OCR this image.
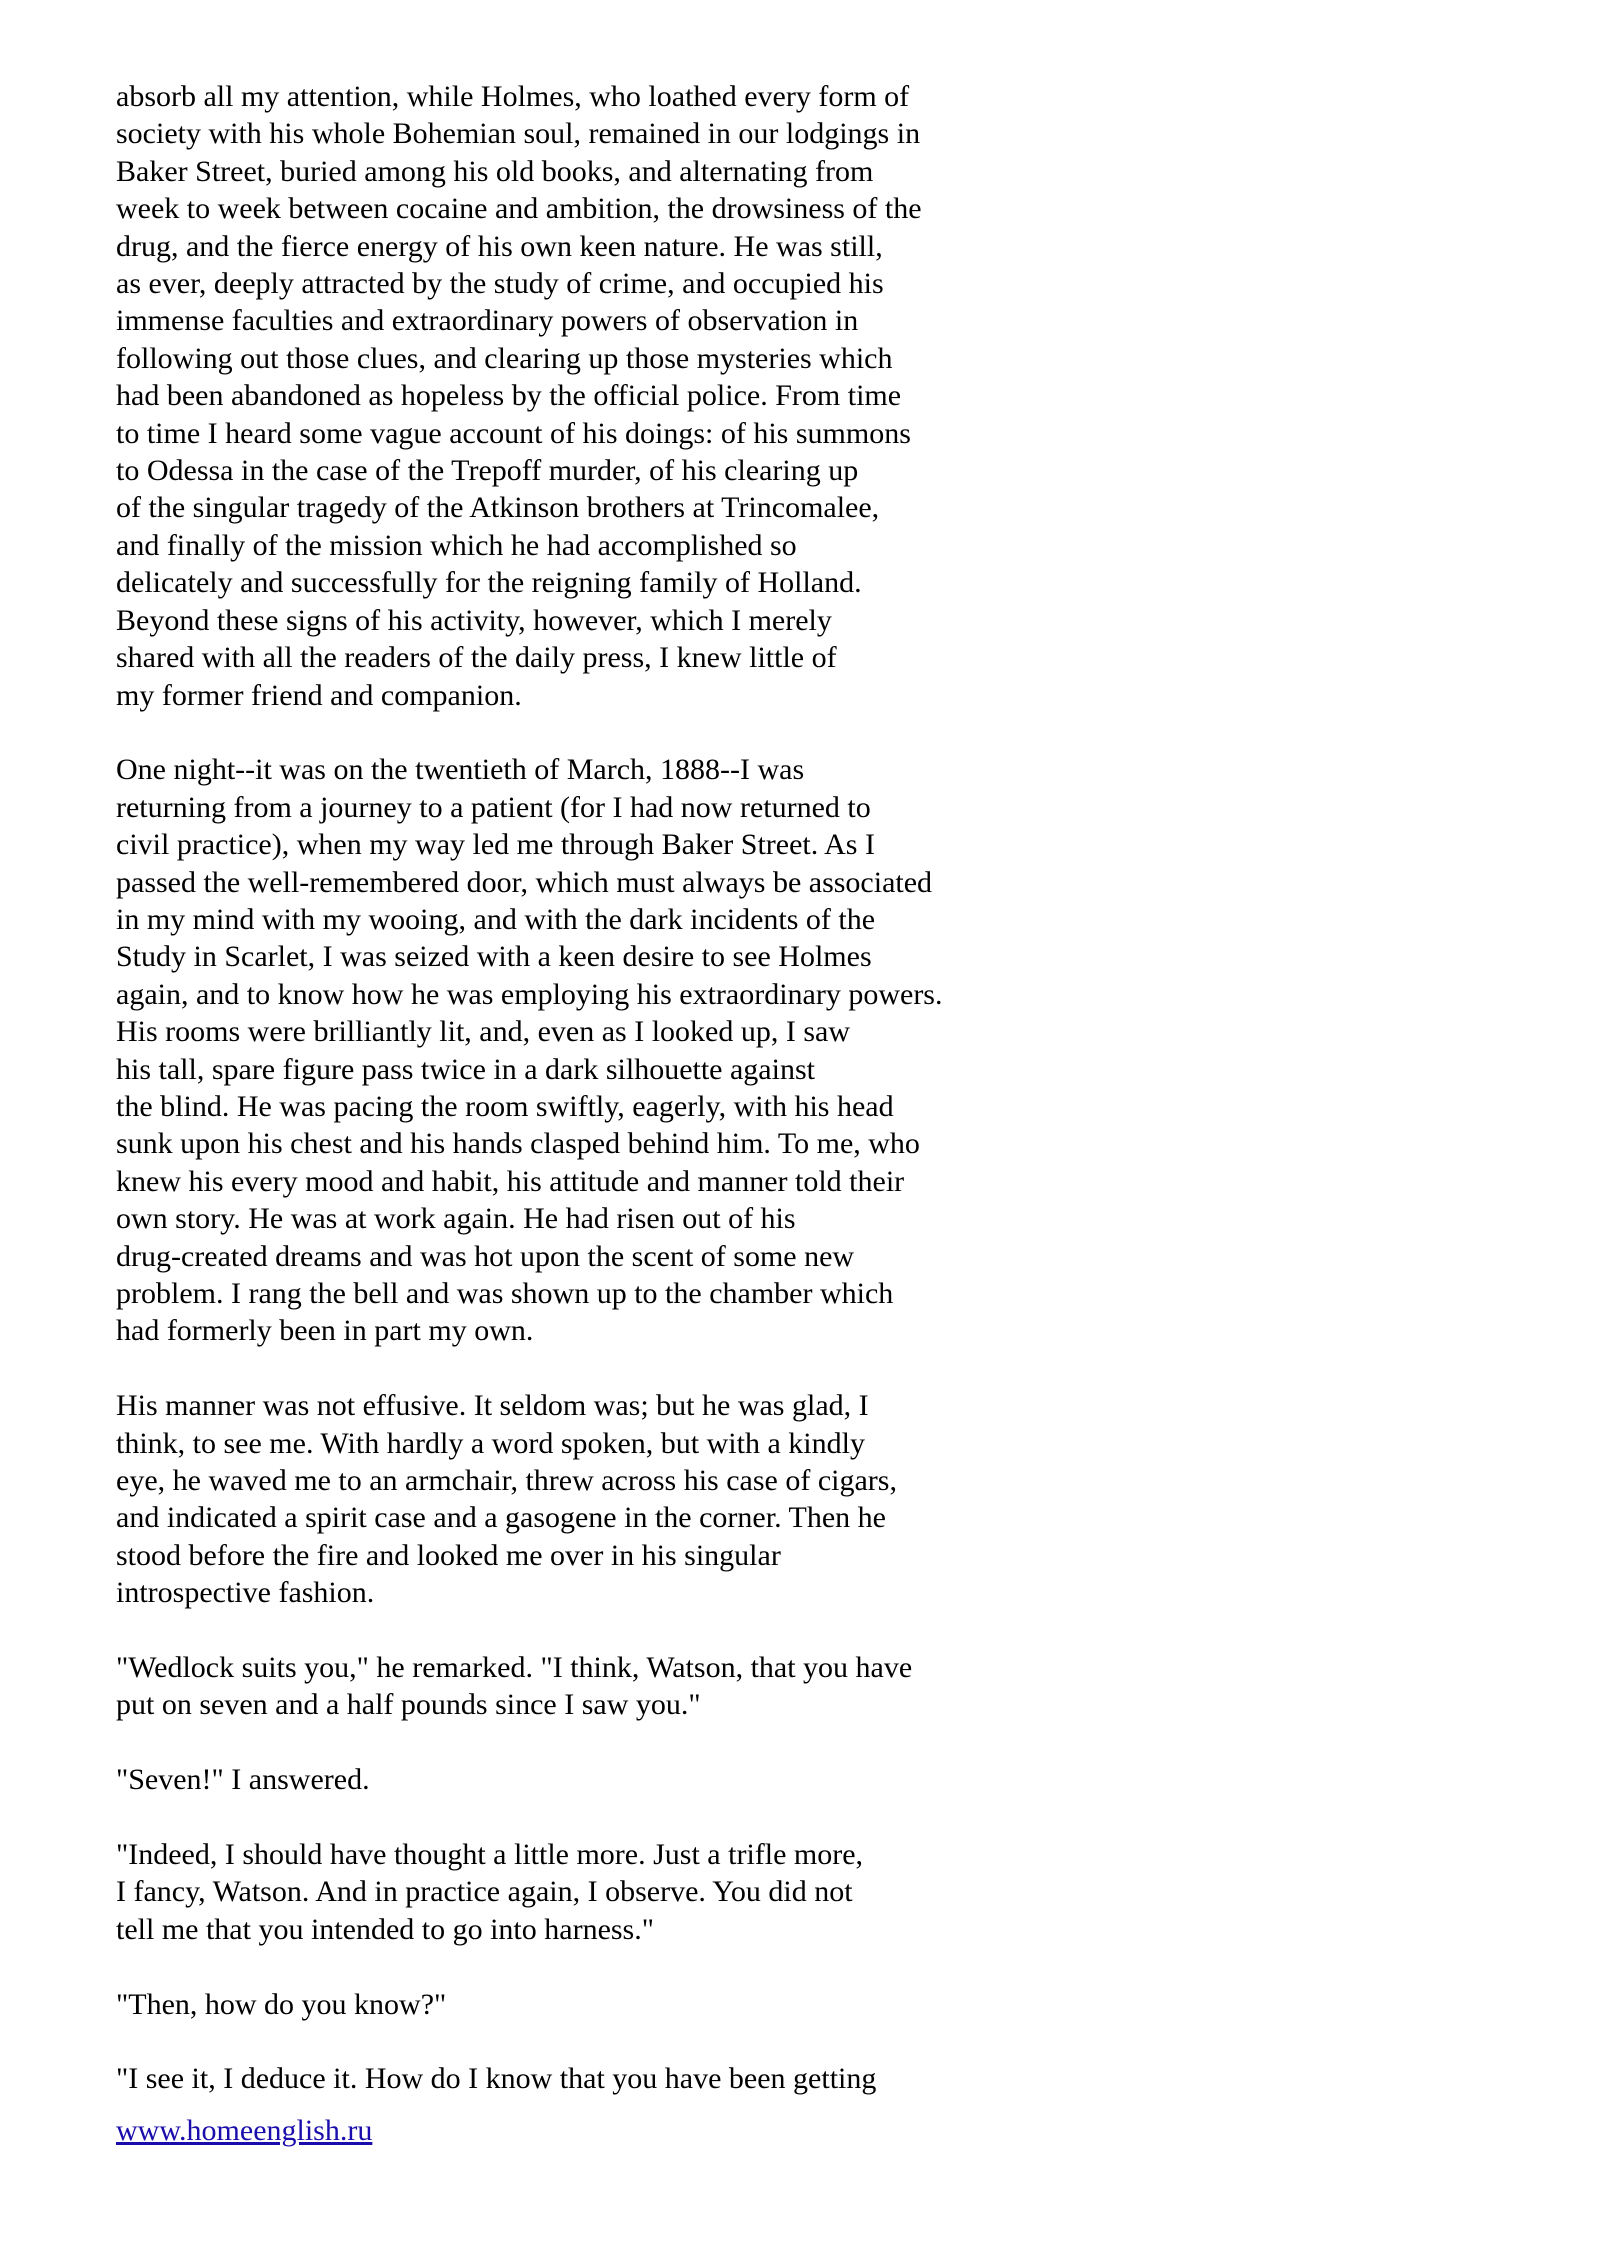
absorb all my attention, while Holmes, who loathed every form of
society with his whole Bohemian soul, remained in our lodgings in
Baker Street, buried among his old books, and alternating from
week to week between cocaine and ambition, the drowsiness of the
drug, and the fierce energy of his own keen nature. He was still,
as ever, deeply attracted by the study of crime, and occupied his
immense faculties and extraordinary powers of observation in
following out those clues, and clearing up those mysteries which
had been abandoned as hopeless by the official police. From time
to time I heard some vague account of his doings: of his summons
to Odessa in the case of the Trepoff murder, of his clearing up
of the singular tragedy of the Atkinson brothers at Trincomalee,
and finally of the mission which he had accomplished so
delicately and successfully for the reigning family of Holland.
Beyond these signs of his activity, however, which I merely
shared with all the readers of the daily press, I knew little of
my former friend and companion.
One night--it was on the twentieth of March, 1888--I was
returning from a journey to a patient (for I had now returned to
civil practice), when my way led me through Baker Street. As I
passed the well-remembered door, which must always be associated
in my mind with my wooing, and with the dark incidents of the
Study in Scarlet, I was seized with a keen desire to see Holmes
again, and to know how he was employing his extraordinary powers.
His rooms were brilliantly lit, and, even as I looked up, I saw
his tall, spare figure pass twice in a dark silhouette against
the blind. He was pacing the room swiftly, eagerly, with his head
sunk upon his chest and his hands clasped behind him. To me, who
knew his every mood and habit, his attitude and manner told their
own story. He was at work again. He had risen out of his
drug-created dreams and was hot upon the scent of some new
problem. I rang the bell and was shown up to the chamber which
had formerly been in part my own.
His manner was not effusive. It seldom was; but he was glad, I
think, to see me. With hardly a word spoken, but with a kindly
eye, he waved me to an armchair, threw across his case of cigars,
and indicated a spirit case and a gasogene in the corner. Then he
stood before the fire and looked me over in his singular
introspective fashion.
"Wedlock suits you," he remarked. "I think, Watson, that you have
put on seven and a half pounds since I saw you."
"Seven!" I answered.
"Indeed, I should have thought a little more. Just a trifle more,
I fancy, Watson. And in practice again, I observe. You did not
tell me that you intended to go into harness."
"Then, how do you know?"
"I see it, I deduce it. How do I know that you have been getting
www.homeenglish.ru
